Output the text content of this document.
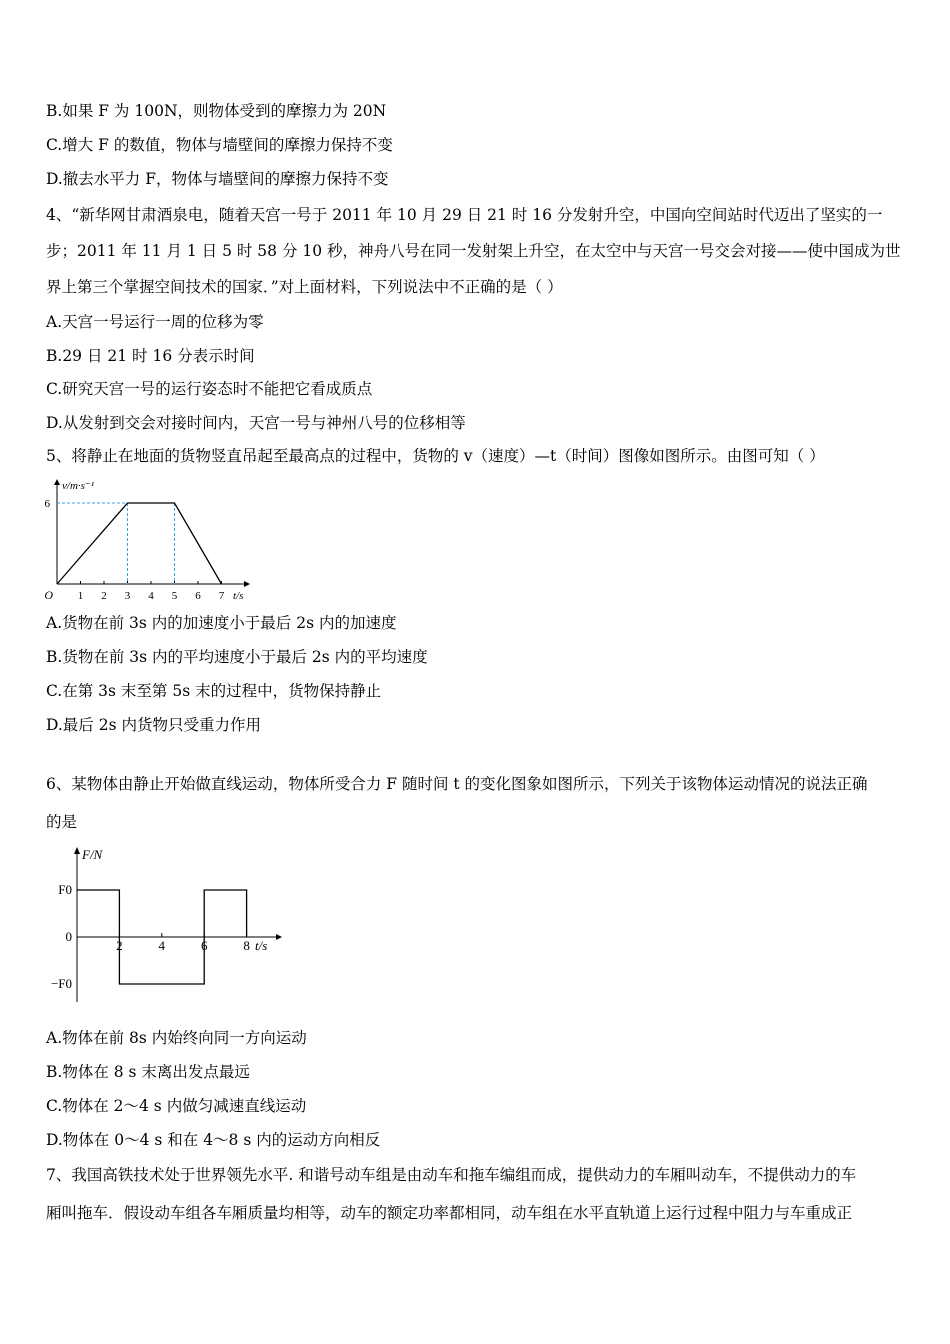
B.如果 F 为 100N，则物体受到的摩擦力为 20N
C.增大 F 的数值，物体与墙壁间的摩擦力保持不变
D.撤去水平力 F，物体与墙壁间的摩擦力保持不变
4、“新华网甘肃酒泉电，随着天宫一号于 2011 年 10 月 29 日 21 时 16 分发射升空，中国向空间站时代迈出了坚实的一
步；2011 年 11 月 1 日 5 时 58 分 10 秒，神舟八号在同一发射架上升空，在太空中与天宫一号交会对接——使中国成为世
界上第三个掌握空间技术的国家．”对上面材料，下列说法中不正确的是（ ）
A.天宫一号运行一周的位移为零
B.29 日 21 时 16 分表示时间
C.研究天宫一号的运行姿态时不能把它看成质点
D.从发射到交会对接时间内，天宫一号与神州八号的位移相等
5、将静止在地面的货物竖直吊起至最高点的过程中，货物的 v（速度）—t（时间）图像如图所示。由图可知（ ）
1 2 3 4 5 6 7
6
O
v/m·s⁻¹
t/s
A.货物在前 3s 内的加速度小于最后 2s 内的加速度
B.货物在前 3s 内的平均速度小于最后 2s 内的平均速度
C.在第 3s 末至第 5s 末的过程中，货物保持静止
D.最后 2s 内货物只受重力作用
6、某物体由静止开始做直线运动，物体所受合力 F 随时间 t 的变化图象如图所示，下列关于该物体运动情况的说法正确
的是
2	4	6	8 t/s
F/N
F0
0
−F0
A.物体在前 8s 内始终向同一方向运动
B.物体在 8 s 末离出发点最远
C.物体在 2～4 s 内做匀减速直线运动
D.物体在 0～4 s 和在 4～8 s 内的运动方向相反
7、我国高铁技术处于世界领先水平. 和谐号动车组是由动车和拖车编组而成，提供动力的车厢叫动车，不提供动力的车
厢叫拖车．假设动车组各车厢质量均相等，动车的额定功率都相同，动车组在水平直轨道上运行过程中阻力与车重成正
